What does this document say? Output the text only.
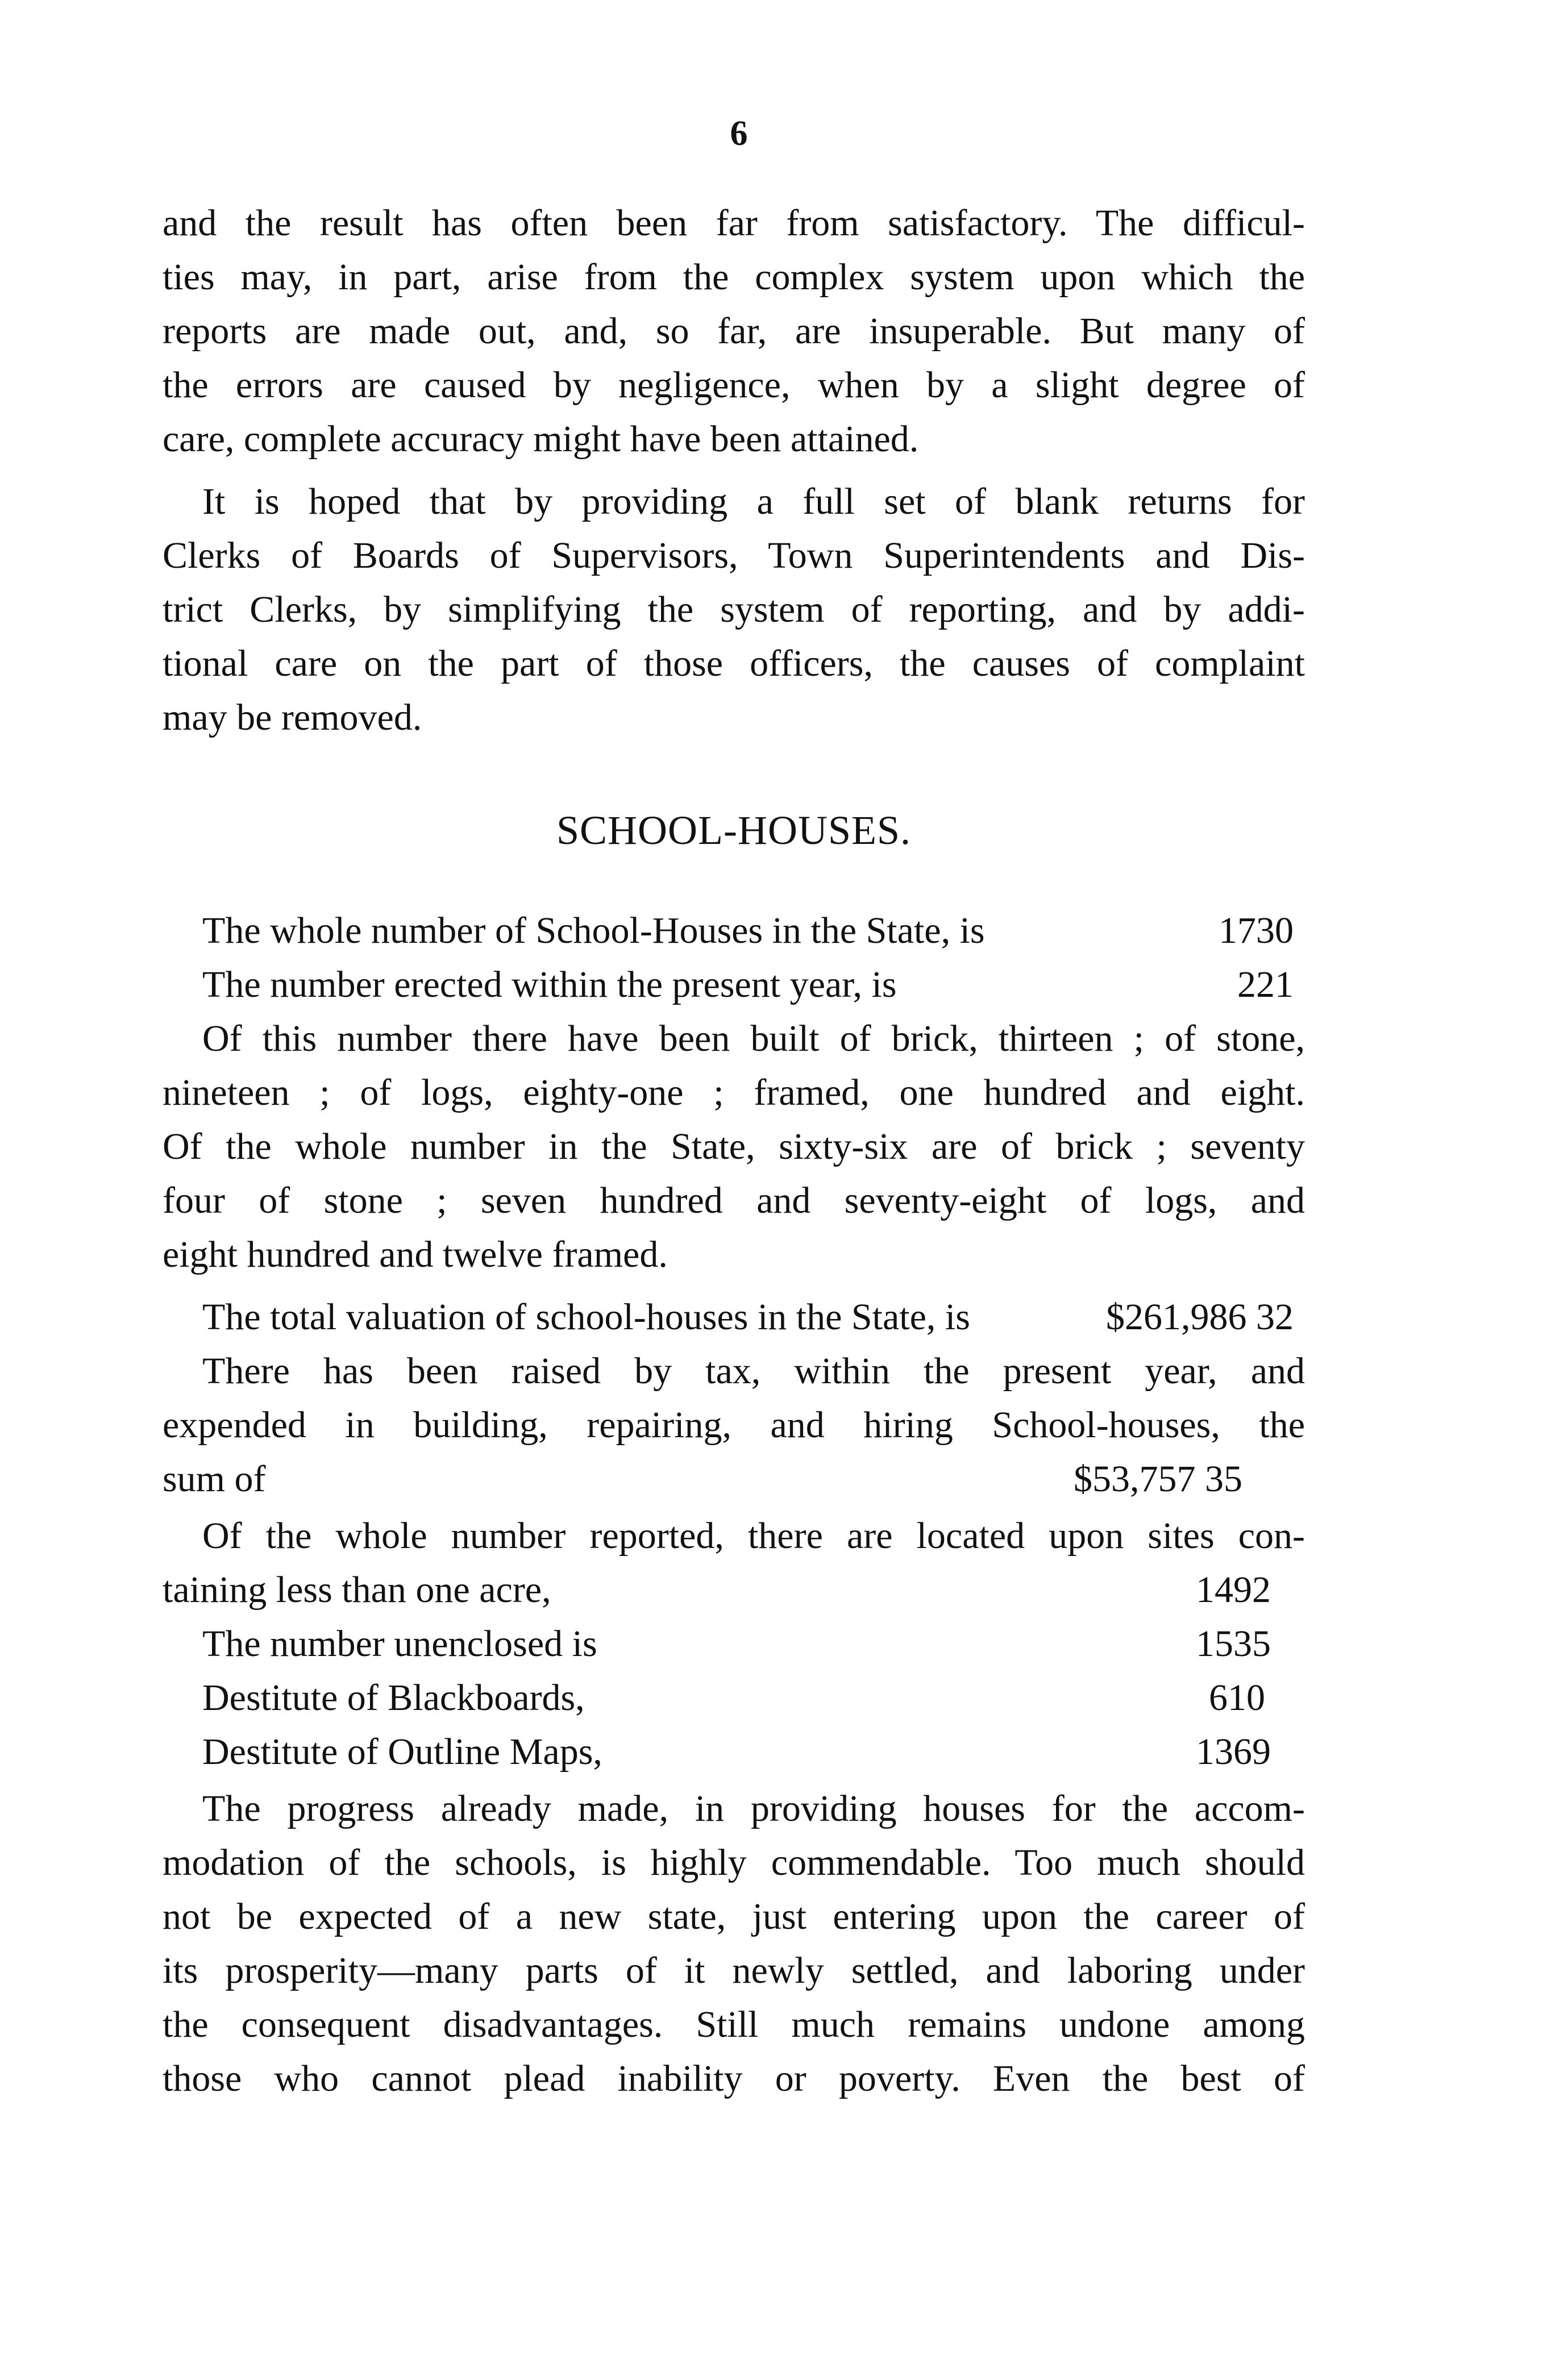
6
and the result has often been far from satisfactory. The difficul-
ties may, in part, arise from the complex system upon which the
reports are made out, and, so far, are insuperable. But many of
the errors are caused by negligence, when by a slight degree of
care, complete accuracy might have been attained.
It is hoped that by providing a full set of blank returns for
Clerks of Boards of Supervisors, Town Superintendents and Dis-
trict Clerks, by simplifying the system of reporting, and by addi-
tional care on the part of those officers, the causes of complaint
may be removed.
SCHOOL-HOUSES.
The whole number of School-Houses in the State, is	1730
The number erected within the present year, is	221
Of this number there have been built of brick, thirteen ; of stone,
nineteen ; of logs, eighty-one ; framed, one hundred and eight.
Of the whole number in the State, sixty-six are of brick ; seventy
four of stone ; seven hundred and seventy-eight of logs, and
eight hundred and twelve framed.
The total valuation of school-houses in the State, is	$261,986 32
There has been raised by tax, within the present year, and
expended in building, repairing, and hiring School-houses, the
sum of	$53,757 35
Of the whole number reported, there are located upon sites con-
taining less than one acre,	1492
The number unenclosed is	1535
Destitute of Blackboards,	610
Destitute of Outline Maps,	1369
The progress already made, in providing houses for the accom-
modation of the schools, is highly commendable. Too much should
not be expected of a new state, just entering upon the career of
its prosperity—many parts of it newly settled, and laboring under
the consequent disadvantages. Still much remains undone among
those who cannot plead inability or poverty. Even the best of
